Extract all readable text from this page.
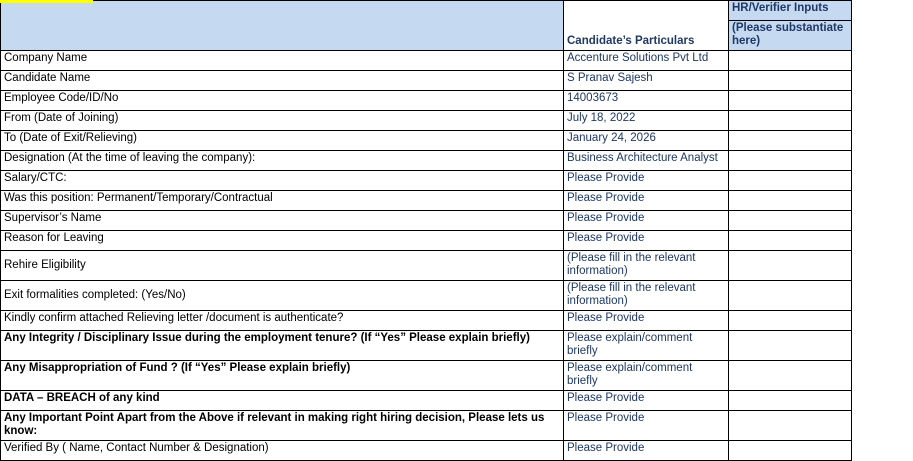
	Candidate’s Particulars	HR/Verifier Inputs
		(Please substantiate here)
Company Name	Accenture Solutions Pvt Ltd	
Candidate Name	S Pranav Sajesh	
Employee Code/ID/No	14003673	
From (Date of Joining)	July 18, 2022	
To (Date of Exit/Relieving)	January 24, 2026	
Designation (At the time of leaving the company):	Business Architecture Analyst	
Salary/CTC:	Please Provide	
Was this position: Permanent/Temporary/Contractual	Please Provide	
Supervisor’s Name	Please Provide	
Reason for Leaving	Please Provide	
Rehire Eligibility	(Please fill in the relevant information)	
Exit formalities completed: (Yes/No)	(Please fill in the relevant information)	
Kindly confirm attached Relieving letter /document is authenticate?	Please Provide	
Any Integrity / Disciplinary Issue during the employment tenure? (If “Yes” Please explain briefly)	Please explain/comment briefly	
Any Misappropriation of Fund ? (If “Yes” Please explain briefly)	Please explain/comment briefly	
DATA – BREACH of any kind	Please Provide	
Any Important Point Apart from the Above if relevant in making right hiring decision, Please lets us know:	Please Provide	
Verified By ( Name, Contact Number & Designation)	Please Provide	
